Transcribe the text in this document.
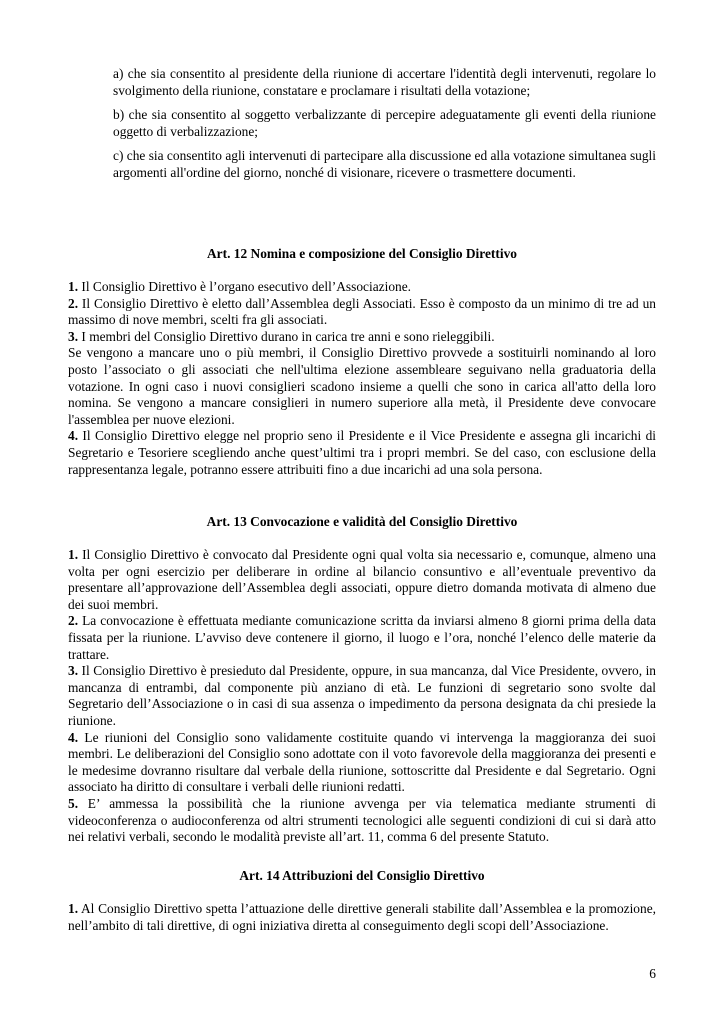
a) che sia consentito al presidente della riunione di accertare l'identità degli intervenuti, regolare lo svolgimento della riunione, constatare e proclamare i risultati della votazione;

b) che sia consentito al soggetto verbalizzante di percepire adeguatamente gli eventi della riunione oggetto di verbalizzazione;

c) che sia consentito agli intervenuti di partecipare alla discussione ed alla votazione simultanea sugli argomenti all'ordine del giorno, nonché di visionare, ricevere o trasmettere documenti.

Art. 12 Nomina e composizione del Consiglio Direttivo

1. Il Consiglio Direttivo è l’organo esecutivo dell’Associazione.

2. Il Consiglio Direttivo è eletto dall’Assemblea degli Associati. Esso è composto da un minimo di tre ad un massimo di nove membri, scelti fra gli associati.

3. I membri del Consiglio Direttivo durano in carica tre anni e sono rieleggibili.

Se vengono a mancare uno o più membri, il Consiglio Direttivo provvede a sostituirli nominando al loro posto l’associato o gli associati che nell'ultima elezione assembleare seguivano nella graduatoria della votazione. In ogni caso i nuovi consiglieri scadono insieme a quelli che sono in carica all'atto della loro nomina. Se vengono a mancare consiglieri in numero superiore alla metà, il Presidente deve convocare l'assemblea per nuove elezioni.

4. Il Consiglio Direttivo elegge nel proprio seno il Presidente e il Vice Presidente e assegna gli incarichi di Segretario e Tesoriere scegliendo anche quest’ultimi tra i propri membri. Se del caso, con esclusione della rappresentanza legale, potranno essere attribuiti fino a due incarichi ad una sola persona.

Art. 13 Convocazione e validità del Consiglio Direttivo

1. Il Consiglio Direttivo è convocato dal Presidente ogni qual volta sia necessario e, comunque, almeno una volta per ogni esercizio per deliberare in ordine al bilancio consuntivo e all’eventuale preventivo da presentare all’approvazione dell’Assemblea degli associati, oppure dietro domanda motivata di almeno due dei suoi membri.

2. La convocazione è effettuata mediante comunicazione scritta da inviarsi almeno 8 giorni prima della data fissata per la riunione. L’avviso deve contenere il giorno, il luogo e l’ora, nonché l’elenco delle materie da trattare.

3. Il Consiglio Direttivo è presieduto dal Presidente, oppure, in sua mancanza, dal Vice Presidente, ovvero, in mancanza di entrambi, dal componente più anziano di età. Le funzioni di segretario sono svolte dal Segretario dell’Associazione o in casi di sua assenza o impedimento da persona designata da chi presiede la riunione.

4. Le riunioni del Consiglio sono validamente costituite quando vi intervenga la maggioranza dei suoi membri. Le deliberazioni del Consiglio sono adottate con il voto favorevole della maggioranza dei presenti e le medesime dovranno risultare dal verbale della riunione, sottoscritte dal Presidente e dal Segretario. Ogni associato ha diritto di consultare i verbali delle riunioni redatti.

5. E’ ammessa la possibilità che la riunione avvenga per via telematica mediante strumenti di videoconferenza o audioconferenza od altri strumenti tecnologici alle seguenti condizioni di cui si darà atto nei relativi verbali, secondo le modalità previste all’art. 11, comma 6 del presente Statuto.

Art. 14 Attribuzioni del Consiglio Direttivo

1. Al Consiglio Direttivo spetta l’attuazione delle direttive generali stabilite dall’Assemblea e la promozione, nell’ambito di tali direttive, di ogni iniziativa diretta al conseguimento degli scopi dell’Associazione.

6
